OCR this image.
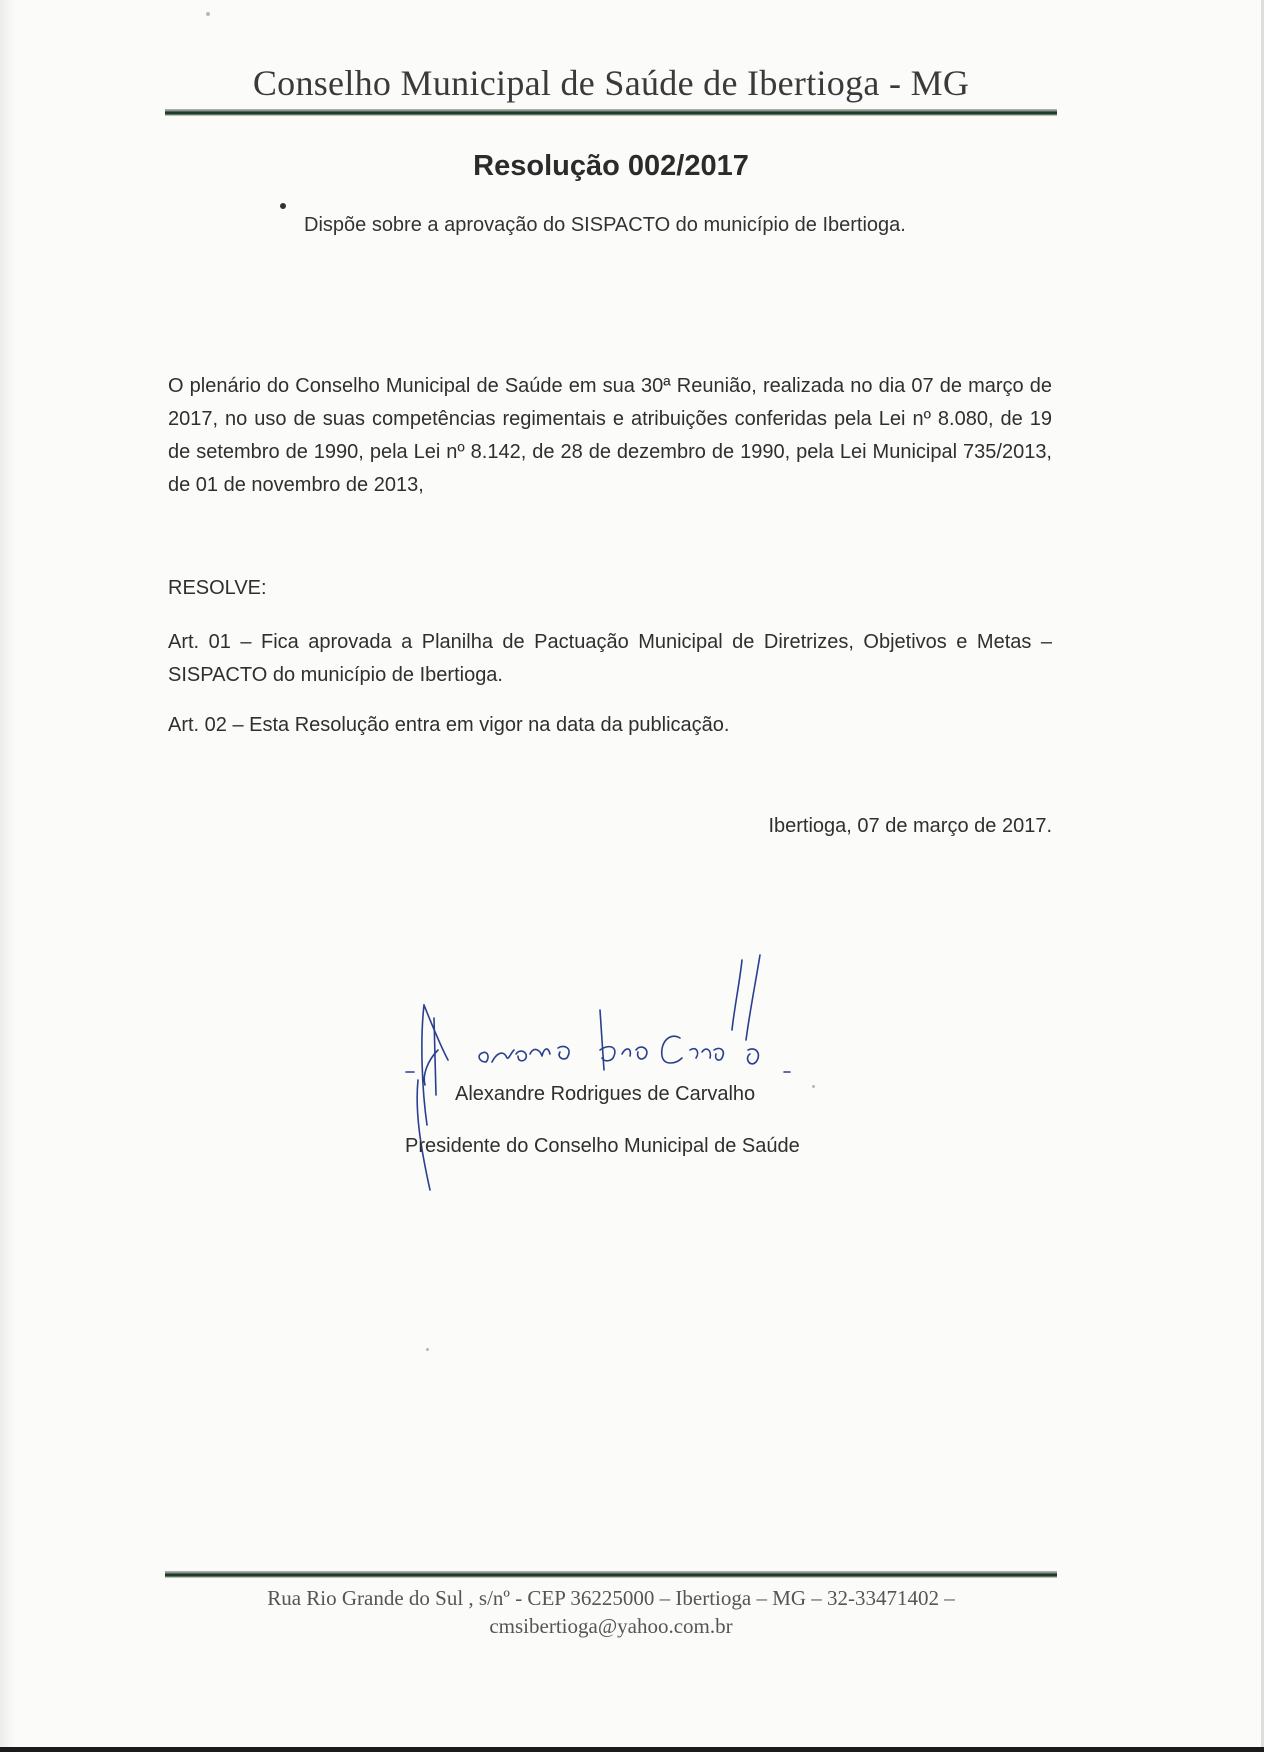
Conselho Municipal de Saúde de Ibertioga - MG
Resolução 002/2017
Dispõe sobre a aprovação do SISPACTO do município de Ibertioga.
O plenário do Conselho Municipal de Saúde em sua 30ª Reunião, realizada no dia 07 de março de 2017, no uso de suas competências regimentais e atribuições conferidas pela Lei nº 8.080, de 19 de setembro de 1990, pela Lei nº 8.142, de 28 de dezembro de 1990, pela Lei Municipal 735/2013, de 01 de novembro de 2013,
RESOLVE:
Art. 01 – Fica aprovada a Planilha de Pactuação Municipal de Diretrizes, Objetivos e Metas – SISPACTO do município de Ibertioga.
Art. 02 – Esta Resolução entra em vigor na data da publicação.
Ibertioga, 07 de março de 2017.
Alexandre Rodrigues de Carvalho
Presidente do Conselho Municipal de Saúde
Rua Rio Grande do Sul , s/nº - CEP 36225000 – Ibertioga – MG – 32-33471402 –
cmsibertioga@yahoo.com.br
